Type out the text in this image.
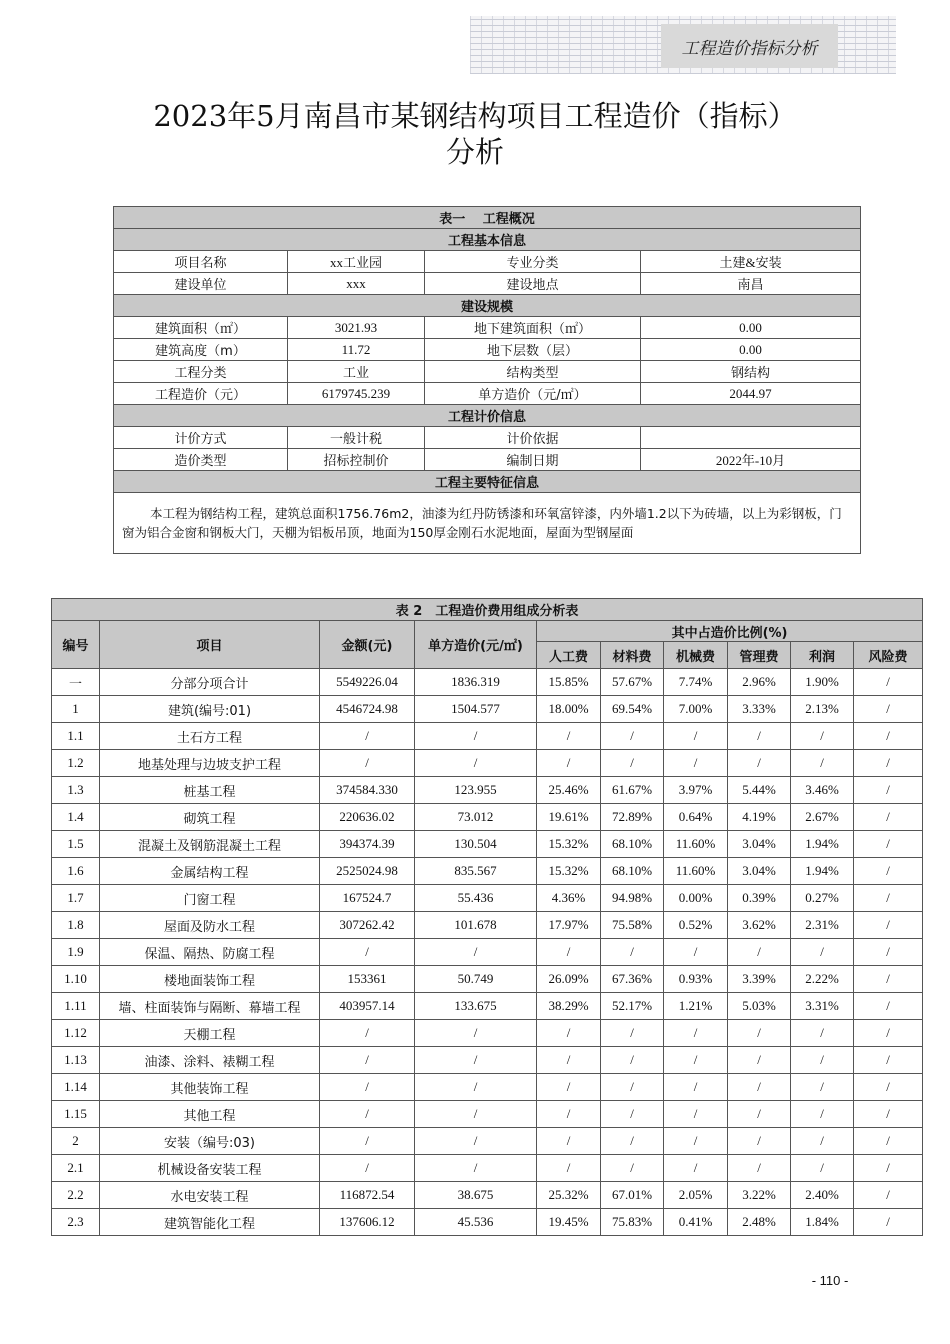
工程造价指标分析
2023年5月南昌市某钢结构项目工程造价（指标）
分析
表一　 工程概况			
工程基本信息			
项目名称	xx工业园	专业分类	土建&安装
建设单位	xxx	建设地点	南昌
建设规模			
建筑面积（㎡）	3021.93	地下建筑面积（㎡）	0.00
建筑高度（m）	11.72	地下层数（层）	0.00
工程分类	工业	结构类型	钢结构
工程造价（元）	6179745.239	单方造价（元/㎡）	2044.97
工程计价信息			
计价方式	一般计税	计价依据	
造价类型	招标控制价	编制日期	2022年-10月
工程主要特征信息			
本工程为钢结构工程，建筑总面积1756.76m2，油漆为红丹防锈漆和环氧富锌漆，内外墙1.2以下为砖墙，以上为彩钢板，门窗为铝合金窗和钢板大门，天棚为铝板吊顶，地面为150厚金刚石水泥地面，屋面为型钢屋面			
表 2　工程造价费用组成分析表									
编号	项目	金额(元)	单方造价(元/㎡)	其中占造价比例(%)					
				人工费	材料费	机械费	管理费	利润	风险费
一	分部分项合计	5549226.04	1836.319	15.85%	57.67%	7.74%	2.96%	1.90%	/
1	建筑(编号:01)	4546724.98	1504.577	18.00%	69.54%	7.00%	3.33%	2.13%	/
1.1	土石方工程	/	/	/	/	/	/	/	/
1.2	地基处理与边坡支护工程	/	/	/	/	/	/	/	/
1.3	桩基工程	374584.330	123.955	25.46%	61.67%	3.97%	5.44%	3.46%	/
1.4	砌筑工程	220636.02	73.012	19.61%	72.89%	0.64%	4.19%	2.67%	/
1.5	混凝土及钢筋混凝土工程	394374.39	130.504	15.32%	68.10%	11.60%	3.04%	1.94%	/
1.6	金属结构工程	2525024.98	835.567	15.32%	68.10%	11.60%	3.04%	1.94%	/
1.7	门窗工程	167524.7	55.436	4.36%	94.98%	0.00%	0.39%	0.27%	/
1.8	屋面及防水工程	307262.42	101.678	17.97%	75.58%	0.52%	3.62%	2.31%	/
1.9	保温、隔热、防腐工程	/	/	/	/	/	/	/	/
1.10	楼地面装饰工程	153361	50.749	26.09%	67.36%	0.93%	3.39%	2.22%	/
1.11	墙、柱面装饰与隔断、幕墙工程	403957.14	133.675	38.29%	52.17%	1.21%	5.03%	3.31%	/
1.12	天棚工程	/	/	/	/	/	/	/	/
1.13	油漆、涂料、裱糊工程	/	/	/	/	/	/	/	/
1.14	其他装饰工程	/	/	/	/	/	/	/	/
1.15	其他工程	/	/	/	/	/	/	/	/
2	安装（编号:03)	/	/	/	/	/	/	/	/
2.1	机械设备安装工程	/	/	/	/	/	/	/	/
2.2	水电安装工程	116872.54	38.675	25.32%	67.01%	2.05%	3.22%	2.40%	/
2.3	建筑智能化工程	137606.12	45.536	19.45%	75.83%	0.41%	2.48%	1.84%	/
- 110 -
